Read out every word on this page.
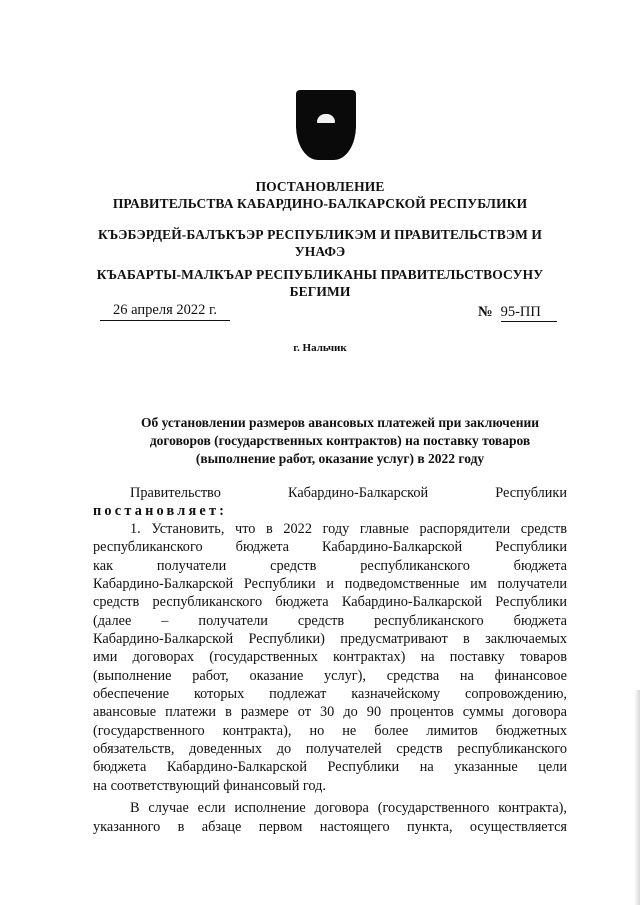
ПОСТАНОВЛЕНИЕ
ПРАВИТЕЛЬСТВА КАБАРДИНО-БАЛКАРСКОЙ РЕСПУБЛИКИ
КЪЭБЭРДЕЙ-БАЛЪКЪЭР РЕСПУБЛИКЭМ И ПРАВИТЕЛЬСТВЭМ И
УНАФЭ
КЪАБАРТЫ-МАЛКЪАР РЕСПУБЛИКАНЫ ПРАВИТЕЛЬСТВОСУНУ
БЕГИМИ
26 апреля 2022 г.	№ 95-ПП
г. Нальчик
Об установлении размеров авансовых платежей при заключении
договоров (государственных контрактов) на поставку товаров
(выполнение работ, оказание услуг) в 2022 году
Правительство Кабардино-Балкарской Республики
постановляет:
1. Установить, что в 2022 году главные распорядители средств
республиканского бюджета Кабардино-Балкарской Республики
как получатели средств республиканского бюджета
Кабардино-Балкарской Республики и подведомственные им получатели
средств республиканского бюджета Кабардино-Балкарской Республики
(далее – получатели средств республиканского бюджета
Кабардино-Балкарской Республики) предусматривают в заключаемых
ими договорах (государственных контрактах) на поставку товаров
(выполнение работ, оказание услуг), средства на финансовое
обеспечение которых подлежат казначейскому сопровождению,
авансовые платежи в размере от 30 до 90 процентов суммы договора
(государственного контракта), но не более лимитов бюджетных
обязательств, доведенных до получателей средств республиканского
бюджета Кабардино-Балкарской Республики на указанные цели
на соответствующий финансовый год.
В случае если исполнение договора (государственного контракта),
указанного в абзаце первом настоящего пункта, осуществляется
